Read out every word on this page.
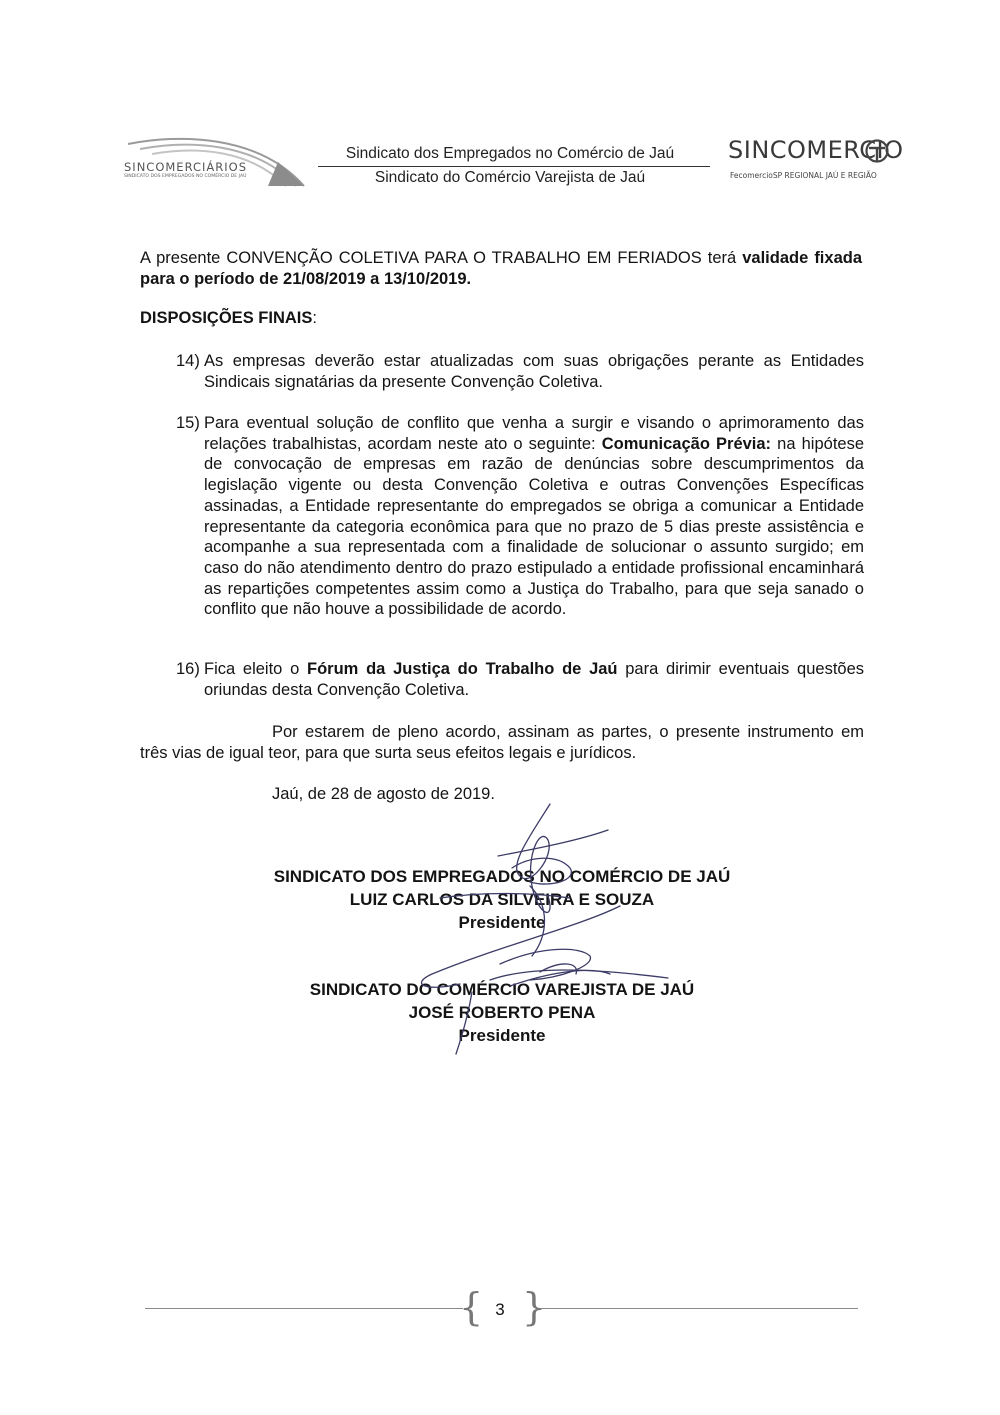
SINCOMERCIÁRIOS
SINDICATO DOS EMPREGADOS NO COMÉRCIO DE JAÚ
Sindicato dos Empregados no Comércio de Jaú
Sindicato do Comércio Varejista de Jaú
SINCOMERCIO
FecomercioSP REGIONAL JAÚ E REGIÃO
A presente CONVENÇÃO COLETIVA PARA O TRABALHO EM FERIADOS terá validade fixada para o período de 21/08/2019 a 13/10/2019.
DISPOSIÇÕES FINAIS:
14) As empresas deverão estar atualizadas com suas obrigações perante as Entidades Sindicais signatárias da presente Convenção Coletiva.
15) Para eventual solução de conflito que venha a surgir e visando o aprimoramento das relações trabalhistas, acordam neste ato o seguinte: Comunicação Prévia: na hipótese de convocação de empresas em razão de denúncias sobre descumprimentos da legislação vigente ou desta Convenção Coletiva e outras Convenções Específicas assinadas, a Entidade representante do empregados se obriga a comunicar a Entidade representante da categoria econômica para que no prazo de 5 dias preste assistência e acompanhe a sua representada com a finalidade de solucionar o assunto surgido; em caso do não atendimento dentro do prazo estipulado a entidade profissional encaminhará as repartições competentes assim como a Justiça do Trabalho, para que seja sanado o conflito que não houve a possibilidade de acordo.
16) Fica eleito o Fórum da Justiça do Trabalho de Jaú para dirimir eventuais questões oriundas desta Convenção Coletiva.
Por estarem de pleno acordo, assinam as partes, o presente instrumento em três vias de igual teor, para que surta seus efeitos legais e jurídicos.
Jaú, de 28 de agosto de 2019.
SINDICATO DOS EMPREGADOS NO COMÉRCIO DE JAÚ
LUIZ CARLOS DA SILVEIRA E SOUZA
Presidente
SINDICATO DO COMÉRCIO VAREJISTA DE JAÚ
JOSÉ ROBERTO PENA
Presidente
{ 3 }
